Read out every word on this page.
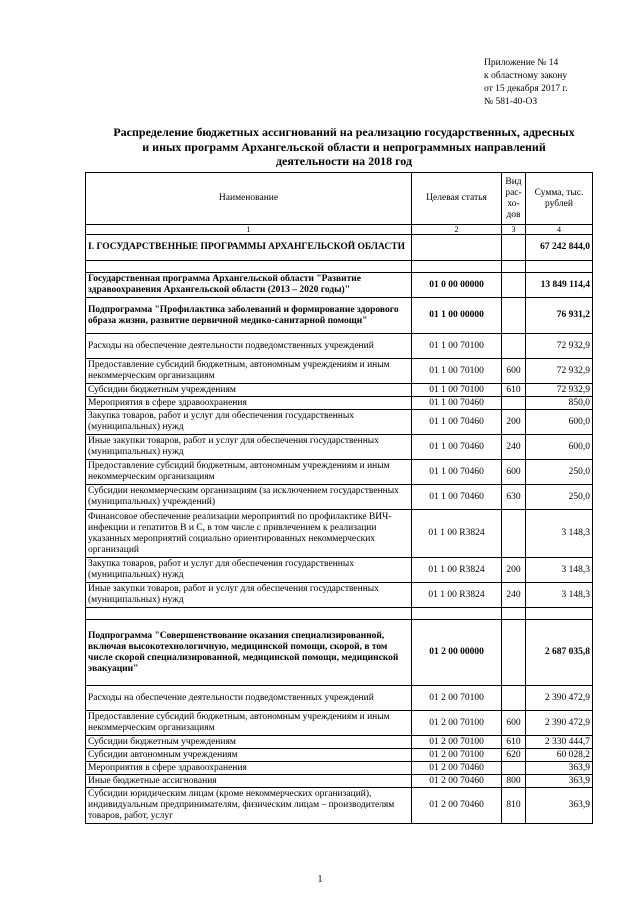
Приложение № 14
к областному закону
от 15 декабря 2017 г.
№ 581-40-ОЗ
Распределение бюджетных ассигнований на реализацию государственных, адресных
и иных программ Архангельской области и непрограммных направлений
деятельности на 2018 год
Наименование	Целевая статья	Вид рас-хо-дов	Сумма, тыс. рублей
1	2	3	4
I. ГОСУДАРСТВЕННЫЕ ПРОГРАММЫ АРХАНГЕЛЬСКОЙ ОБЛАСТИ			67 242 844,0

Государственная программа Архангельской области "Развитие здравоохранения Архангельской области (2013 – 2020 годы)"	01 0 00 00000		13 849 114,4
Подпрограмма "Профилактика заболеваний и формирование здорового образа жизни, развитие первичной медико-санитарной помощи"	01 1 00 00000		76 931,2
Расходы на обеспечение деятельности подведомственных учреждений	01 1 00 70100		72 932,9
Предоставление субсидий бюджетным, автономным учреждениям и иным некоммерческим организациям	01 1 00 70100	600	72 932,9
Субсидии бюджетным учреждениям	01 1 00 70100	610	72 932,9
Мероприятия в сфере здравоохранения	01 1 00 70460		850,0
Закупка товаров, работ и услуг для обеспечения государственных (муниципальных) нужд	01 1 00 70460	200	600,0
Иные закупки товаров, работ и услуг для обеспечения государственных (муниципальных) нужд	01 1 00 70460	240	600,0
Предоставление субсидий бюджетным, автономным учреждениям и иным некоммерческим организациям	01 1 00 70460	600	250,0
Субсидии некоммерческим организациям (за исключением государственных (муниципальных) учреждений)	01 1 00 70460	630	250,0
Финансовое обеспечение реализации мероприятий по профилактике ВИЧ-инфекции и гепатитов B и C, в том числе с привлечением к реализации указанных мероприятий социально ориентированных некоммерческих организаций	01 1 00 R3824		3 148,3
Закупка товаров, работ и услуг для обеспечения государственных (муниципальных) нужд	01 1 00 R3824	200	3 148,3
Иные закупки товаров, работ и услуг для обеспечения государственных (муниципальных) нужд	01 1 00 R3824	240	3 148,3

Подпрограмма "Совершенствование оказания специализированной, включая высокотехнологичную, медицинской помощи, скорой, в том числе скорой специализированной, медицинской помощи, медицинской эвакуации"	01 2 00 00000		2 687 035,8
Расходы на обеспечение деятельности подведомственных учреждений	01 2 00 70100		2 390 472,9
Предоставление субсидий бюджетным, автономным учреждениям и иным некоммерческим организациям	01 2 00 70100	600	2 390 472,9
Субсидии бюджетным учреждениям	01 2 00 70100	610	2 330 444,7
Субсидии автономным учреждениям	01 2 00 70100	620	60 028,2
Мероприятия в сфере здравоохранения	01 2 00 70460		363,9
Иные бюджетные ассигнования	01 2 00 70460	800	363,9
Субсидии юридическим лицам (кроме некоммерческих организаций), индивидуальным предпринимателям, физическим лицам – производителям товаров, работ, услуг	01 2 00 70460	810	363,9
1
